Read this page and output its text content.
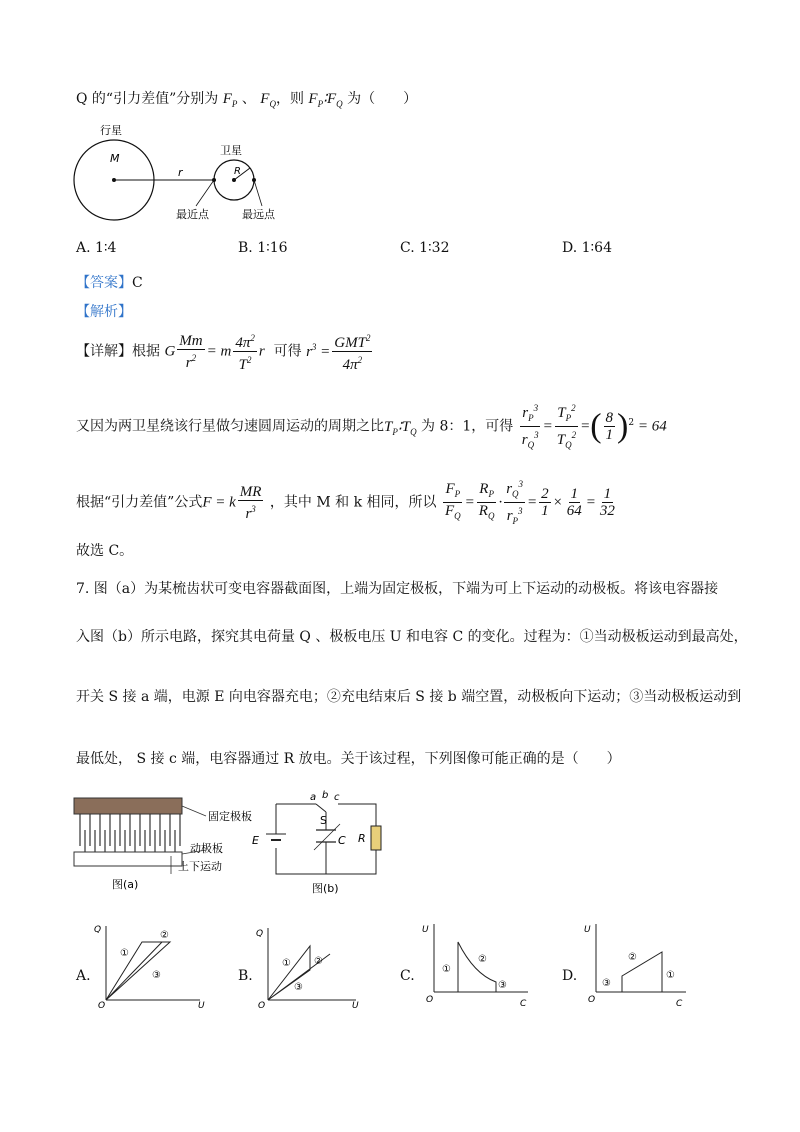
Q 的“引力差值”分别为 $F_P$ 、 $F_Q$，则 $F_P∶F_Q$ 为（　　）
行星
M
r
卫星
R
最近点	最远点
A. 1∶4	B. 1∶16	C. 1∶32	D. 1∶64
【答案】C
【解析】
【详解】根据 G $\frac{Mm}{r^2} = m \frac{4\pi^2}{T^2}$ r 可得 $r^3 = \frac{GMT^2}{4\pi^2}$
又因为两卫星绕该行星做匀速圆周运动的周期之比$T_P∶T_Q$ 为 8：1，可得 $\frac{r_P^3}{r_Q^3} = \frac{T_P^2}{T_Q^2}$ =( $\frac{8}{1} )^2 = 64$
根据“引力差值”公式F = k $\frac{MR}{r^3}$ ，其中 M 和 k 相同，所以 $\frac{F_P}{F_Q} = \frac{R_P}{R_Q} \cdot \frac{r_Q^3}{r_P^3} = \frac{2}{1} \times \frac{1}{64} = \frac{1}{32}$
故选 C。
7. 图（a）为某梳齿状可变电容器截面图，上端为固定极板，下端为可上下运动的动极板。将该电容器接
入图（b）所示电路，探究其电荷量 Q 、极板电压 U 和电容 C 的变化。过程为：①当动极板运动到最高处，
开关 S 接 a 端，电源 E 向电容器充电；②充电结束后 S 接 b 端空置，动极板向下运动；③当动极板运动到
最低处， S 接 c 端，电容器通过 R 放电。关于该过程，下列图像可能正确的是（　　）
固定极板
动极板
上下运动
图(a)
a b c
E
S
C R
图(b)
A.
Q
U
O
①
②
③	B.
Q
U
O
① ②
③
C.
U
C
O
①
②
③
D.
U
C
O
①
②
③
